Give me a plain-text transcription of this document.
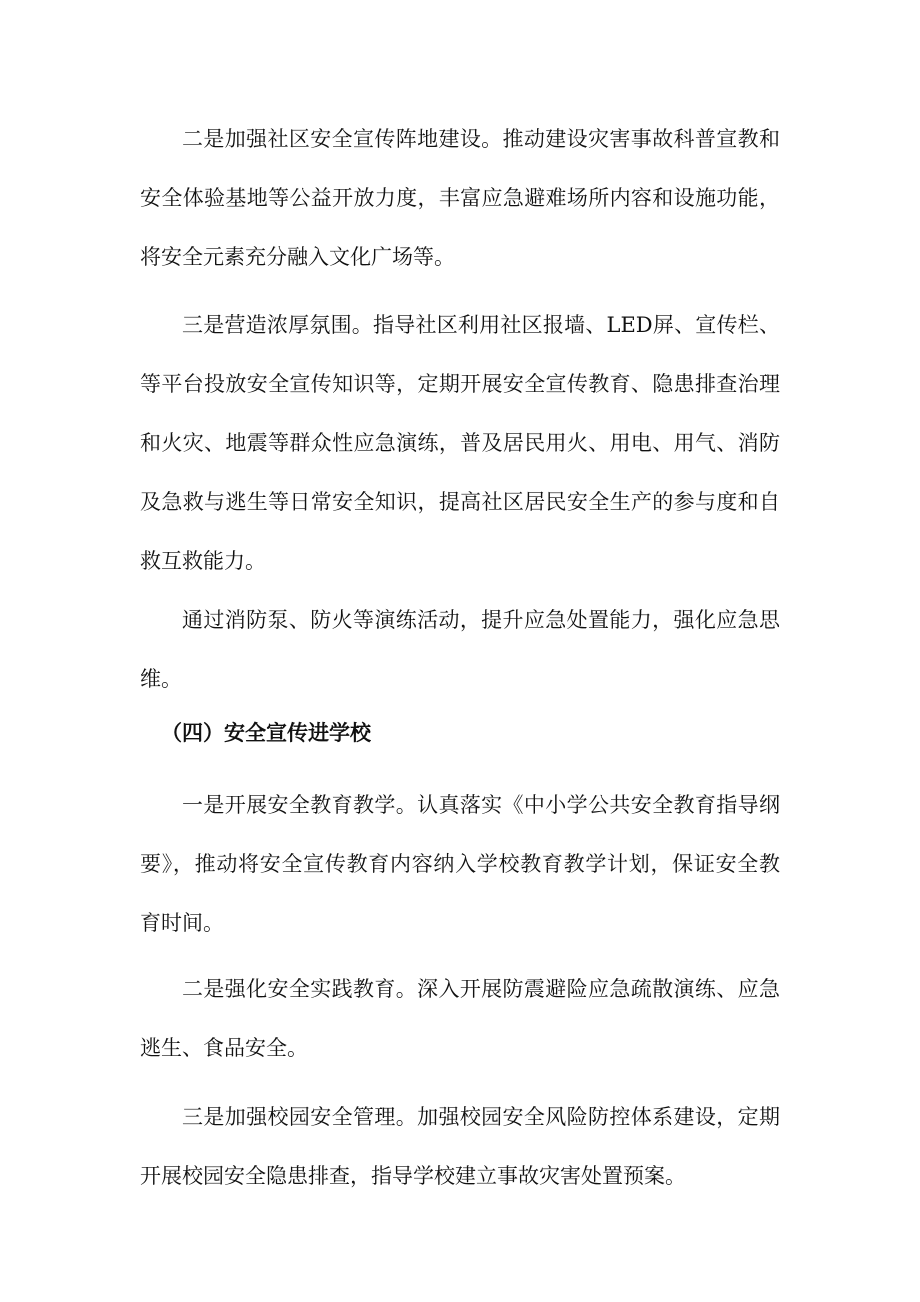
二是加强社区安全宣传阵地建设。推动建设灾害事故科普宣教和安全体验基地等公益开放力度，丰富应急避难场所内容和设施功能，将安全元素充分融入文化广场等。

三是营造浓厚氛围。指导社区利用社区报墙、LED屏、宣传栏、等平台投放安全宣传知识等，定期开展安全宣传教育、隐患排查治理和火灾、地震等群众性应急演练，普及居民用火、用电、用气、消防及急救与逃生等日常安全知识，提高社区居民安全生产的参与度和自救互救能力。

通过消防泵、防火等演练活动，提升应急处置能力，强化应急思维。

（四）安全宣传进学校

一是开展安全教育教学。认真落实《中小学公共安全教育指导纲要》，推动将安全宣传教育内容纳入学校教育教学计划，保证安全教育时间。

二是强化安全实践教育。深入开展防震避险应急疏散演练、应急逃生、食品安全。

三是加强校园安全管理。加强校园安全风险防控体系建设，定期开展校园安全隐患排查，指导学校建立事故灾害处置预案。
